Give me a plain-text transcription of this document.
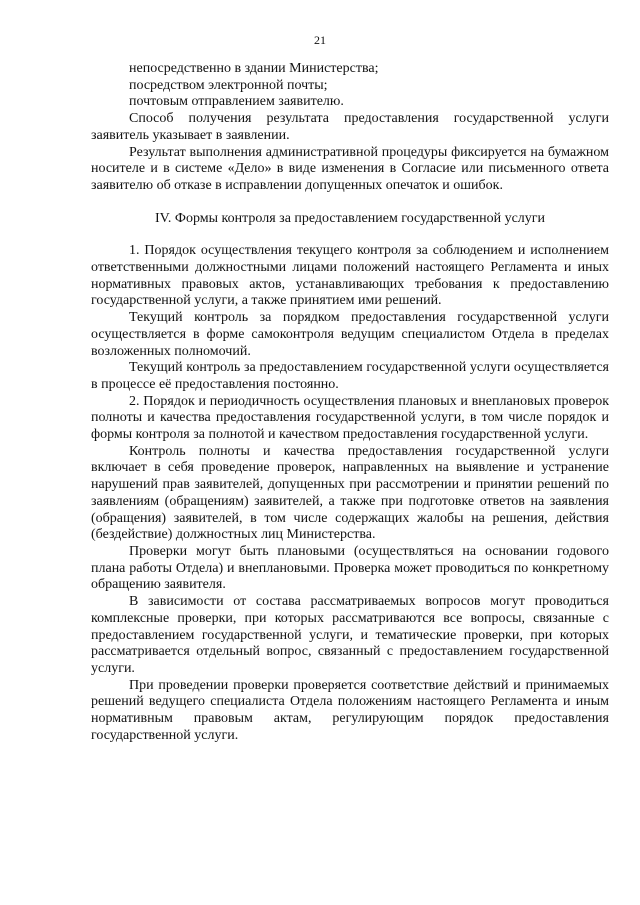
21

непосредственно в здании Министерства;

посредством электронной почты;

почтовым отправлением заявителю.

Способ получения результата предоставления государственной услуги заявитель указывает в заявлении.

Результат выполнения административной процедуры фиксируется на бумажном носителе и в системе «Дело» в виде изменения в Согласие или письменного ответа заявителю об отказе в исправлении допущенных опечаток и ошибок.

IV. Формы контроля за предоставлением государственной услуги

1. Порядок осуществления текущего контроля за соблюдением и исполнением ответственными должностными лицами положений настоящего Регламента и иных нормативных правовых актов, устанавливающих требования к предоставлению государственной услуги, а также принятием ими решений.

Текущий контроль за порядком предоставления государственной услуги осуществляется в форме самоконтроля ведущим специалистом Отдела в пределах возложенных полномочий.

Текущий контроль за предоставлением государственной услуги осуществляется в процессе её предоставления постоянно.

2. Порядок и периодичность осуществления плановых и внеплановых проверок полноты и качества предоставления государственной услуги, в том числе порядок и формы контроля за полнотой и качеством предоставления государственной услуги.

Контроль полноты и качества предоставления государственной услуги включает в себя проведение проверок, направленных на выявление и устранение нарушений прав заявителей, допущенных при рассмотрении и принятии решений по заявлениям (обращениям) заявителей, а также при подготовке ответов на заявления (обращения) заявителей, в том числе содержащих жалобы на решения, действия (бездействие) должностных лиц Министерства.

Проверки могут быть плановыми (осуществляться на основании годового плана работы Отдела) и внеплановыми. Проверка может проводиться по конкретному обращению заявителя.

В зависимости от состава рассматриваемых вопросов могут проводиться комплексные проверки, при которых рассматриваются все вопросы, связанные с предоставлением государственной услуги, и тематические проверки, при которых рассматривается отдельный вопрос, связанный с предоставлением государственной услуги.

При проведении проверки проверяется соответствие действий и принимаемых решений ведущего специалиста Отдела положениям настоящего Регламента и иным нормативным правовым актам, регулирующим порядок предоставления государственной услуги.
